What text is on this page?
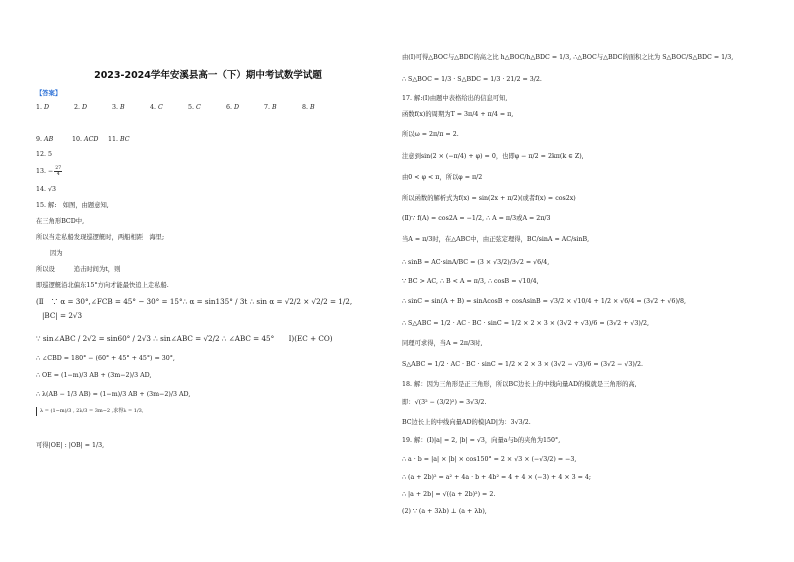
2023-2024学年安溪县高一（下）期中考试数学试题
【答案】
1. D	2. D	3. B	4. C	5. C	6. D	7. B	8. B
9. AB	10. ACD 11. BC
12. 5
13. − $\frac{27}{4}$
14. √3
15. 解:　如图，由题意知,
在三角形BCD中,
所以当走私船发现巡逻艇时，两船相距　海里;
因为
所以设　　　追击时间为t，则
即巡逻艇沿北偏东15°方向才能最快追上走私船.
(Ⅱ　∵ α = 30°,∠FCB = 45° − 30° = 15°∴ α = sin135° / 3t ∴ sin α = √2/2 × √2/2 = 1/2,
|BC| = 2√3
∵ sin∠ABC / 2√2 = sin60° / 2√3 ∴ sin∠ABC = √2/2 ∴ ∠ABC = 45°　　Ⅰ)(EC + CO)
∴ ∠CBD = 180° − (60° + 45° + 45°) = 30°,
∴ OE = (1−m)/3 AB + (3m−2)/3 AD,
∴ λ(AB − 1/3 AB) = (1−m)/3 AB + (3m−2)/3 AD,
λ = (1−m)/3 , 2λ/3 = 3m−2 ,求得λ = 1/3,
可得|OE| : |OB| = 1/3,
由(Ⅰ)可得△BOC与△BDC的高之比 h△BOC/h△BDC = 1/3, ∴△BOC与△BDC的面积之比为 S△BOC/S△BDC = 1/3,
∴ S△BOC = 1/3 · S△BDC = 1/3 · 21/2 = 3/2.
17. 解:(Ⅰ)由题中表格给出的信息可知,
函数f(x)的周期为T = 3π/4 + π/4 = π,
所以ω = 2π/π = 2.
注意到sin(2 × (−π/4) + φ) = 0，也即φ − π/2 = 2kπ(k ∈ Z),
由0 < φ < π，所以φ = π/2
所以函数的解析式为f(x) = sin(2x + π/2)(或者f(x) = cos2x)
(Ⅱ)∵ f(A) = cos2A = −1/2, ∴ A = π/3或A = 2π/3
当A = π/3时，在△ABC中，由正弦定理得，BC/sinA = AC/sinB,
∴ sinB = AC·sinA/BC = (3 × √3/2)/3√2 = √6/4,
∵ BC > AC, ∴ B < A = π/3, ∴ cosB = √10/4,
∴ sinC = sin(A + B) = sinAcosB + cosAsinB = √3/2 × √10/4 + 1/2 × √6/4 = (3√2 + √6)/8,
∴ S△ABC = 1/2 · AC · BC · sinC = 1/2 × 2 × 3 × (3√2 + √3)/6 = (3√2 + √3)/2,
同理可求得，当A = 2π/3时,
S△ABC = 1/2 · AC · BC · sinC = 1/2 × 2 × 3 × (3√2 − √3)/6 = (3√2 − √3)/2.
18. 解：因为三角形是正三角形，所以BC边长上的中线向量AD的模就是三角形的高,
即：√(3² − (3/2)²) = 3√3/2.
BC边长上的中线向量AD的模|AD|为：3√3/2.
19. 解：(Ⅰ)|a| = 2, |b| = √3，向量a与b的夹角为150°,
∴ a · b = |a| × |b| × cos150° = 2 × √3 × (−√3/2) = −3,
∴ (a + 2b)² = a² + 4a · b + 4b² = 4 + 4 × (−3) + 4 × 3 = 4;
∴ |a + 2b| = √((a + 2b)²) = 2.
(2) ∵ (a + 3λb) ⊥ (a + λb),
